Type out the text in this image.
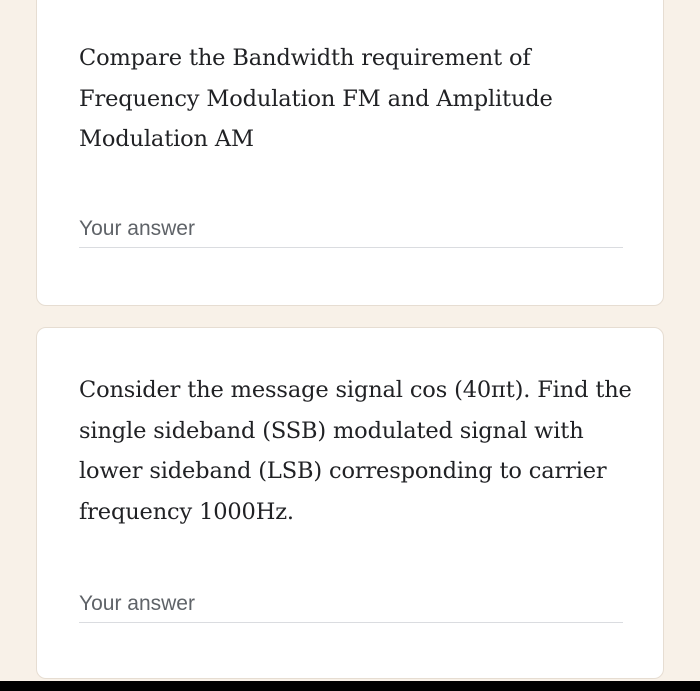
Compare the Bandwidth requirement of Frequency Modulation FM and Amplitude Modulation AM

Your answer

Consider the message signal cos (40πt). Find the single sideband (SSB) modulated signal with lower sideband (LSB) corresponding to carrier frequency 1000Hz.

Your answer
